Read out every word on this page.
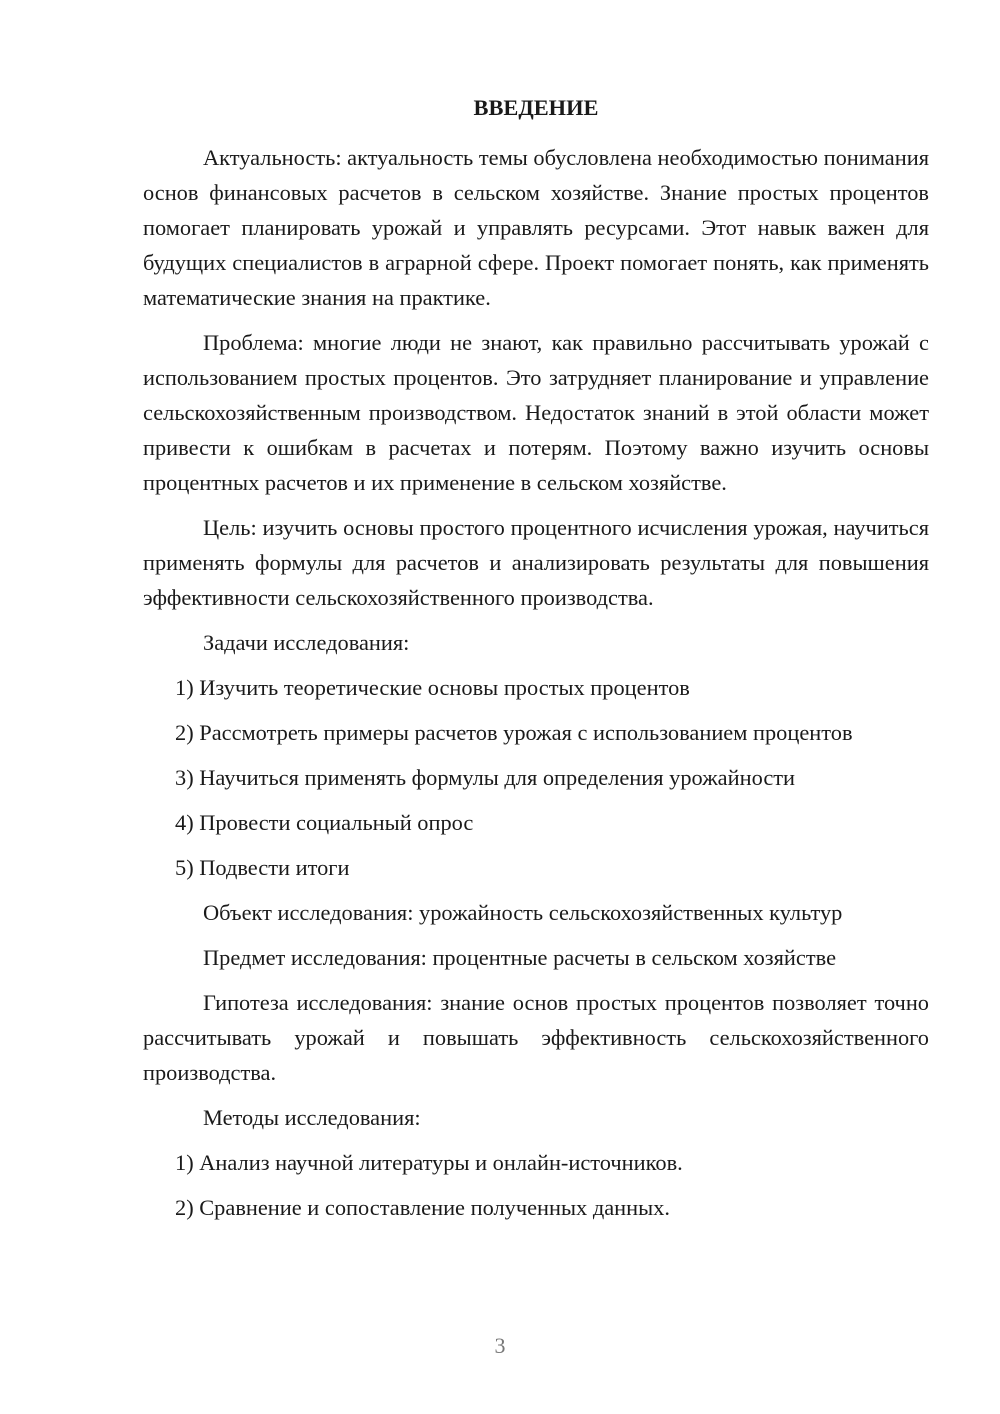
ВВЕДЕНИЕ

Актуальность: актуальность темы обусловлена необходимостью понимания основ финансовых расчетов в сельском хозяйстве. Знание простых процентов помогает планировать урожай и управлять ресурсами. Этот навык важен для будущих специалистов в аграрной сфере. Проект помогает понять, как применять математические знания на практике.

Проблема: многие люди не знают, как правильно рассчитывать урожай с использованием простых процентов. Это затрудняет планирование и управление сельскохозяйственным производством. Недостаток знаний в этой области может привести к ошибкам в расчетах и потерям. Поэтому важно изучить основы процентных расчетов и их применение в сельском хозяйстве.

Цель: изучить основы простого процентного исчисления урожая, научиться применять формулы для расчетов и анализировать результаты для повышения эффективности сельскохозяйственного производства.

Задачи исследования:

1) Изучить теоретические основы простых процентов
2) Рассмотреть примеры расчетов урожая с использованием процентов
3) Научиться применять формулы для определения урожайности
4) Провести социальный опрос
5) Подвести итоги

Объект исследования: урожайность сельскохозяйственных культур

Предмет исследования: процентные расчеты в сельском хозяйстве

Гипотеза исследования: знание основ простых процентов позволяет точно рассчитывать урожай и повышать эффективность сельскохозяйственного производства.

Методы исследования:

1) Анализ научной литературы и онлайн-источников.
2) Сравнение и сопоставление полученных данных.
3
